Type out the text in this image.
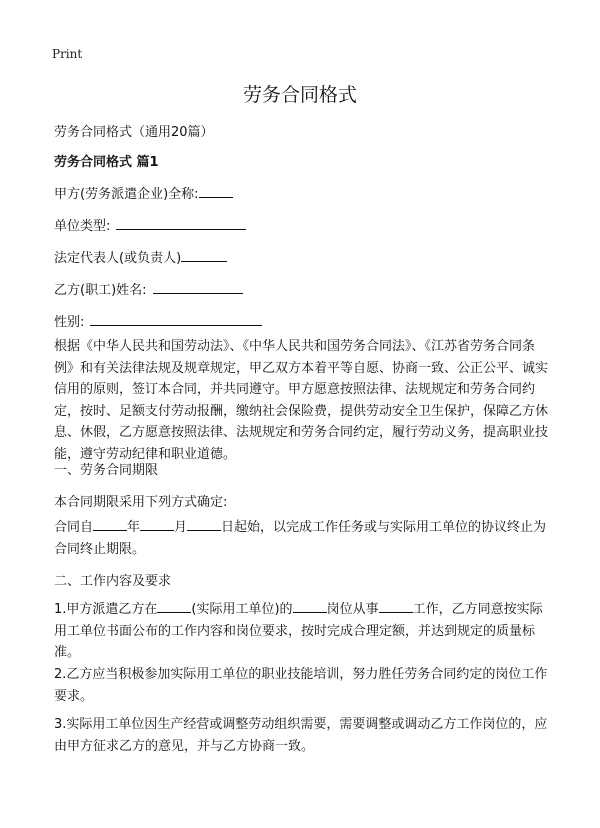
Print
劳务合同格式
劳务合同格式（通用20篇）
劳务合同格式 篇1
甲方(劳务派遣企业)全称:
单位类型:
法定代表人(或负责人)
乙方(职工)姓名:
性别:

根据《中华人民共和国劳动法》、《中华人民共和国劳务合同法》、《江苏省劳务合同条例》和有关法律法规及规章规定，甲乙双方本着平等自愿、协商一致、公正公平、诚实信用的原则，签订本合同，并共同遵守。甲方愿意按照法律、法规规定和劳务合同约定，按时、足额支付劳动报酬，缴纳社会保险费，提供劳动安全卫生保护，保障乙方休息、休假，乙方愿意按照法律、法规规定和劳务合同约定，履行劳动义务，提高职业技能，遵守劳动纪律和职业道德。

一、劳务合同期限
本合同期限采用下列方式确定:

合同自	年	月	日起始，以完成工作任务或与实际用工单位的协议终止为合同终止期限。

二、工作内容及要求

1.甲方派遣乙方在	(实际用工单位)的	岗位从事	工作，乙方同意按实际用工单位书面公布的工作内容和岗位要求，按时完成合理定额，并达到规定的质量标准。

2.乙方应当积极参加实际用工单位的职业技能培训，努力胜任劳务合同约定的岗位工作要求。

3.实际用工单位因生产经营或调整劳动组织需要，需要调整或调动乙方工作岗位的，应由甲方征求乙方的意见，并与乙方协商一致。
